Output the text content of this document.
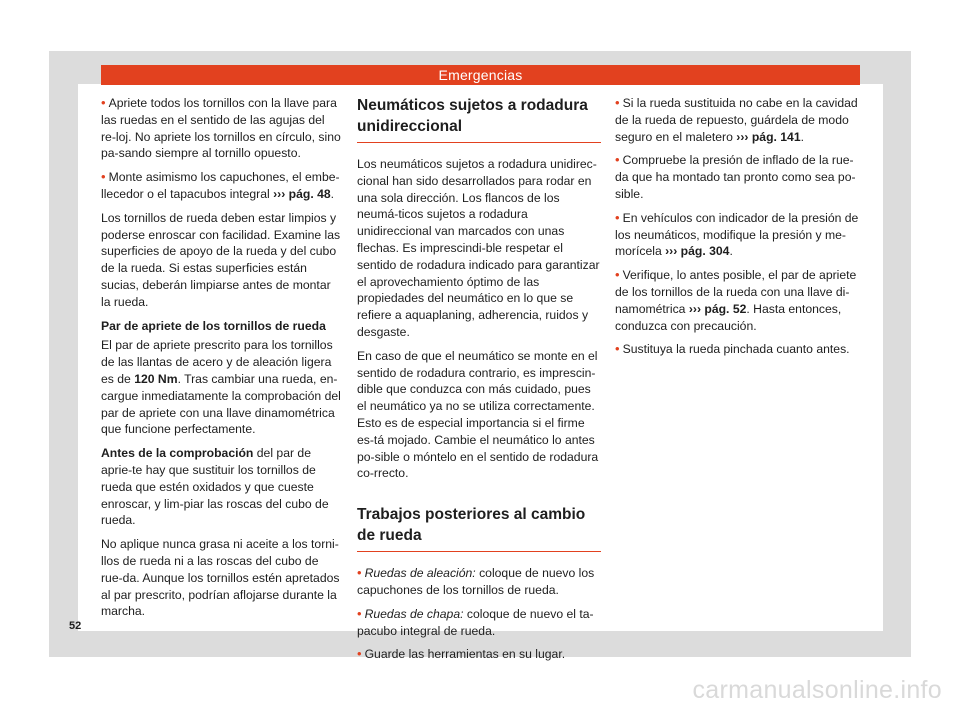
Emergencias
• Apriete todos los tornillos con la llave para las ruedas en el sentido de las agujas del re-loj. No apriete los tornillos en círculo, sino pa-sando siempre al tornillo opuesto.
• Monte asimismo los capuchones, el embe-llecedor o el tapacubos integral ››› pág. 48.
Los tornillos de rueda deben estar limpios y poderse enroscar con facilidad. Examine las superficies de apoyo de la rueda y del cubo de la rueda. Si estas superficies están sucias, deberán limpiarse antes de montar la rueda.
Par de apriete de los tornillos de rueda
El par de apriete prescrito para los tornillos de las llantas de acero y de aleación ligera es de 120 Nm. Tras cambiar una rueda, en-cargue inmediatamente la comprobación del par de apriete con una llave dinamométrica que funcione perfectamente.
Antes de la comprobación del par de aprie-te hay que sustituir los tornillos de rueda que estén oxidados y que cueste enroscar, y lim-piar las roscas del cubo de rueda.
No aplique nunca grasa ni aceite a los torni-llos de rueda ni a las roscas del cubo de rue-da. Aunque los tornillos estén apretados al par prescrito, podrían aflojarse durante la marcha.
Neumáticos sujetos a rodadura unidireccional
Los neumáticos sujetos a rodadura unidirec-cional han sido desarrollados para rodar en una sola dirección. Los flancos de los neumá-ticos sujetos a rodadura unidireccional van marcados con unas flechas. Es imprescindi-ble respetar el sentido de rodadura indicado para garantizar el aprovechamiento óptimo de las propiedades del neumático en lo que se refiere a aquaplaning, adherencia, ruidos y desgaste.
En caso de que el neumático se monte en el sentido de rodadura contrario, es imprescin-dible que conduzca con más cuidado, pues el neumático ya no se utiliza correctamente. Esto es de especial importancia si el firme es-tá mojado. Cambie el neumático lo antes po-sible o móntelo en el sentido de rodadura co-rrecto.
Trabajos posteriores al cambio de rueda
• Ruedas de aleación: coloque de nuevo los capuchones de los tornillos de rueda.
• Ruedas de chapa: coloque de nuevo el ta-pacubo integral de rueda.
• Guarde las herramientas en su lugar.
• Si la rueda sustituida no cabe en la cavidad de la rueda de repuesto, guárdela de modo seguro en el maletero ››› pág. 141.
• Compruebe la presión de inflado de la rue-da que ha montado tan pronto como sea po-sible.
• En vehículos con indicador de la presión de los neumáticos, modifique la presión y me-morícela ››› pág. 304.
• Verifique, lo antes posible, el par de apriete de los tornillos de la rueda con una llave di-namométrica ››› pág. 52. Hasta entonces, conduzca con precaución.
• Sustituya la rueda pinchada cuanto antes.
52
carmanualsonline.info
